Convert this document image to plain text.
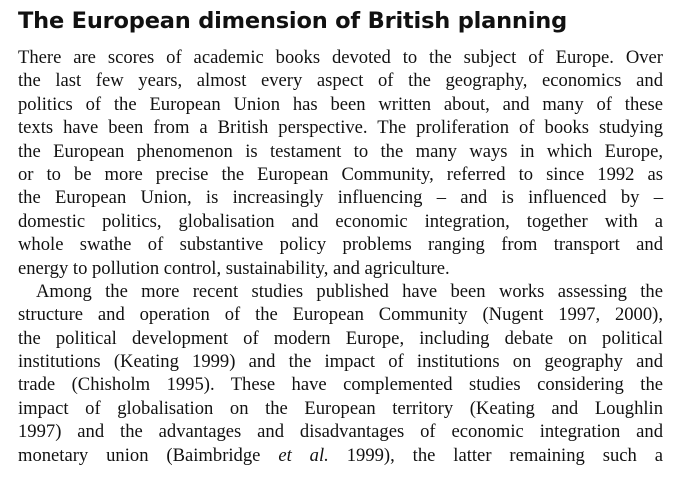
The European dimension of British planning
There are scores of academic books devoted to the subject of Europe. Over
the last few years, almost every aspect of the geography, economics and
politics of the European Union has been written about, and many of these
texts have been from a British perspective. The proliferation of books studying
the European phenomenon is testament to the many ways in which Europe,
or to be more precise the European Community, referred to since 1992 as
the European Union, is increasingly influencing – and is influenced by –
domestic politics, globalisation and economic integration, together with a
whole swathe of substantive policy problems ranging from transport and
energy to pollution control, sustainability, and agriculture.
Among the more recent studies published have been works assessing the
structure and operation of the European Community (Nugent 1997, 2000),
the political development of modern Europe, including debate on political
institutions (Keating 1999) and the impact of institutions on geography and
trade (Chisholm 1995). These have complemented studies considering the
impact of globalisation on the European territory (Keating and Loughlin
1997) and the advantages and disadvantages of economic integration and
monetary union (Baimbridge et al. 1999), the latter remaining such a
